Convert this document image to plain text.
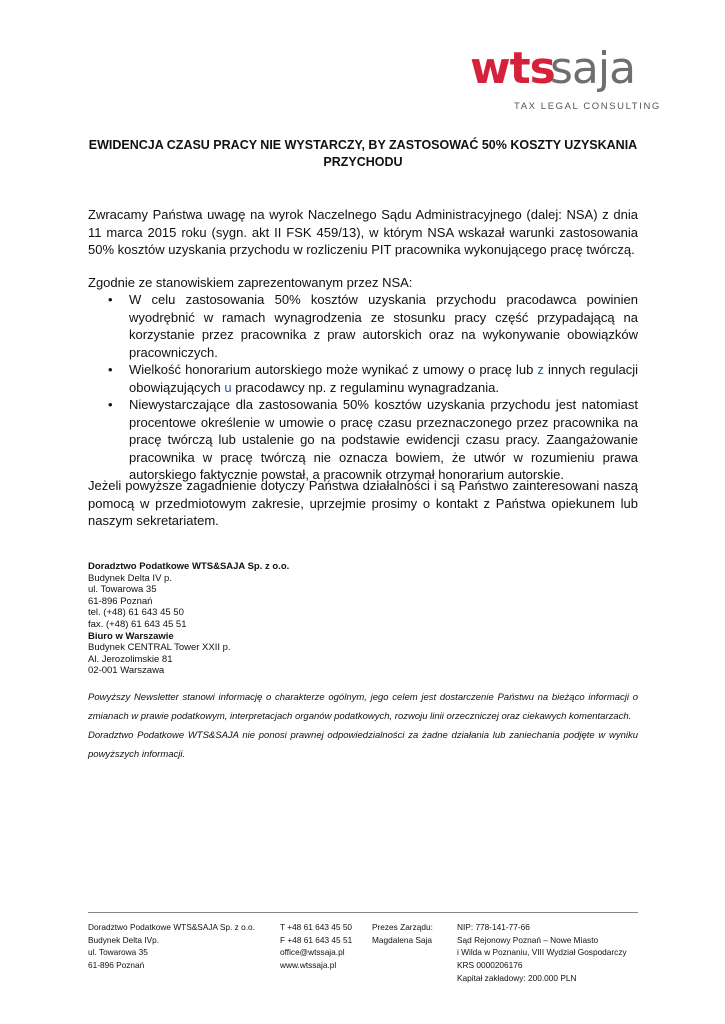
wts
saja
TAX LEGAL CONSULTING
EWIDENCJA CZASU PRACY NIE WYSTARCZY, BY ZASTOSOWAĆ 50% KOSZTY UZYSKANIA PRZYCHODU

Zwracamy Państwa uwagę na wyrok Naczelnego Sądu Administracyjnego (dalej: NSA) z dnia 11 marca 2015 roku (sygn. akt II FSK 459/13), w którym NSA wskazał warunki zastosowania 50% kosztów uzyskania przychodu w rozliczeniu PIT pracownika wykonującego pracę twórczą.

Zgodnie ze stanowiskiem zaprezentowanym przez NSA:

• W celu zastosowania 50% kosztów uzyskania przychodu pracodawca powinien wyodrębnić w ramach wynagrodzenia ze stosunku pracy część przypadającą na korzystanie przez pracownika z praw autorskich oraz na wykonywanie obowiązków pracowniczych.
• Wielkość honorarium autorskiego może wynikać z umowy o pracę lub z innych regulacji obowiązujących u pracodawcy np. z regulaminu wynagradzania.
• Niewystarczające dla zastosowania 50% kosztów uzyskania przychodu jest natomiast procentowe określenie w umowie o pracę czasu przeznaczonego przez pracownika na pracę twórczą lub ustalenie go na podstawie ewidencji czasu pracy. Zaangażowanie pracownika w pracę twórczą nie oznacza bowiem, że utwór w rozumieniu prawa autorskiego faktycznie powstał, a pracownik otrzymał honorarium autorskie.

Jeżeli powyższe zagadnienie dotyczy Państwa działalności i są Państwo zainteresowani naszą pomocą w przedmiotowym zakresie, uprzejmie prosimy o kontakt z Państwa opiekunem lub naszym sekretariatem.

Doradztwo Podatkowe WTS&SAJA Sp. z o.o.
Budynek Delta IV p.
ul. Towarowa 35
61-896 Poznań
tel. (+48) 61 643 45 50
fax. (+48) 61 643 45 51
Biuro w Warszawie
Budynek CENTRAL Tower XXII p.
Al. Jerozolimskie 81
02-001 Warszawa

Powyższy Newsletter stanowi informację o charakterze ogólnym, jego celem jest dostarczenie Państwu na bieżąco informacji o zmianach w prawie podatkowym, interpretacjach organów podatkowych, rozwoju linii orzeczniczej oraz ciekawych komentarzach.

Doradztwo Podatkowe WTS&SAJA nie ponosi prawnej odpowiedzialności za żadne działania lub zaniechania podjęte w wyniku powyższych informacji.

Doradztwo Podatkowe WTS&SAJA Sp. z o.o.
Budynek Delta IVp.
ul. Towarowa 35
61-896 Poznań
T +48 61 643 45 50
F +48 61 643 45 51
office@wtssaja.pl
www.wtssaja.pl
Prezes Zarządu:
Magdalena Saja
NIP: 778-141-77-66
Sąd Rejonowy Poznań – Nowe Miasto
i Wilda w Poznaniu, VIII Wydział Gospodarczy
KRS 0000206176
Kapitał zakładowy: 200.000 PLN
